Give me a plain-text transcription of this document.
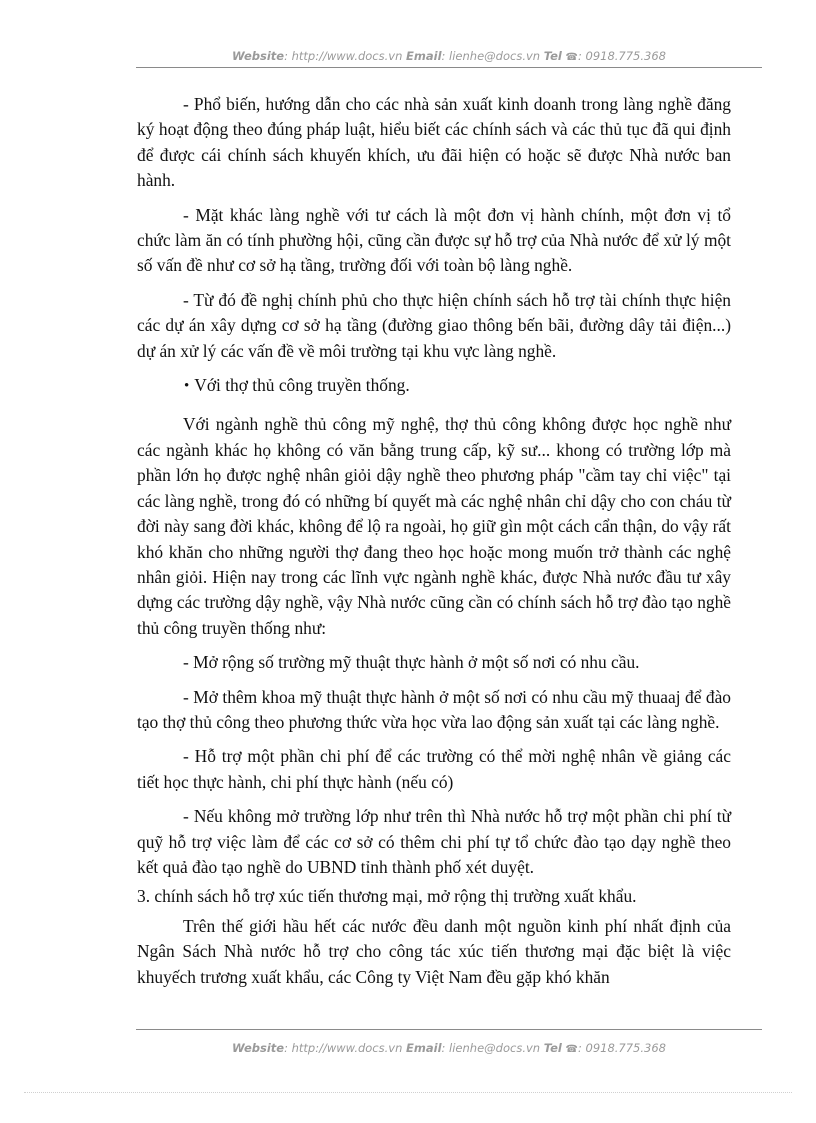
Website: http://www.docs.vn Email: lienhe@docs.vn Tel ☎: 0918.775.368

- Phổ biến, hướng dẫn cho các nhà sản xuất kinh doanh trong làng nghề đăng ký hoạt động theo đúng pháp luật, hiểu biết các chính sách và các thủ tục đã qui định để được cái chính sách khuyến khích, ưu đãi hiện có hoặc sẽ được Nhà nước ban hành.

- Mặt khác làng nghề với tư cách là một đơn vị hành chính, một đơn vị tổ chức làm ăn có tính phường hội, cũng cần được sự hỗ trợ của Nhà nước để xử lý một số vấn đề như cơ sở hạ tầng, trường đối với toàn bộ làng nghề.

- Từ đó đề nghị chính phủ cho thực hiện chính sách hỗ trợ tài chính thực hiện các dự án xây dựng cơ sở hạ tầng (đường giao thông bến bãi, đường dây tải điện...) dự án xử lý các vấn đề về môi trường tại khu vực làng nghề.

• Với thợ thủ công truyền thống.

Với ngành nghề thủ công mỹ nghệ, thợ thủ công không được học nghề như các ngành khác họ không có văn bằng trung cấp, kỹ sư... khong có trường lớp mà phần lớn họ được nghệ nhân giỏi dậy nghề theo phương pháp "cầm tay chỉ việc" tại các làng nghề, trong đó có những bí quyết mà các nghệ nhân chỉ dậy cho con cháu từ đời này sang đời khác, không để lộ ra ngoài, họ giữ gìn một cách cẩn thận, do vậy rất khó khăn cho những người thợ đang theo học hoặc mong muốn trở thành các nghệ nhân giỏi. Hiện nay trong các lĩnh vực ngành nghề khác, được Nhà nước đầu tư xây dựng các trường dậy nghề, vậy Nhà nước cũng cần có chính sách hỗ trợ đào tạo nghề thủ công truyền thống như:

- Mở rộng số trường mỹ thuật thực hành ở một số nơi có nhu cầu.

- Mở thêm khoa mỹ thuật thực hành ở một số nơi có nhu cầu mỹ thuaaj để đào tạo thợ thủ công theo phương thức vừa học vừa lao động sản xuất tại các làng nghề.

- Hỗ trợ một phần chi phí để các trường có thể mời nghệ nhân về giảng các tiết học thực hành, chi phí thực hành (nếu có)

- Nếu không mở trường lớp như trên thì Nhà nước hỗ trợ một phần chi phí từ quỹ hỗ trợ việc làm để các cơ sở có thêm chi phí tự tổ chức đào tạo dạy nghề theo kết quả đào tạo nghề do UBND tỉnh thành phố xét duyệt.

3. chính sách hỗ trợ xúc tiến thương mại, mở rộng thị trường xuất khẩu.

Trên thế giới hầu hết các nước đều danh một nguồn kinh phí nhất định của Ngân Sách Nhà nước hỗ trợ cho công tác xúc tiến thương mại đặc biệt là việc khuyếch trương xuất khẩu, các Công ty Việt Nam đều gặp khó khăn

Website: http://www.docs.vn Email: lienhe@docs.vn Tel ☎: 0918.775.368
